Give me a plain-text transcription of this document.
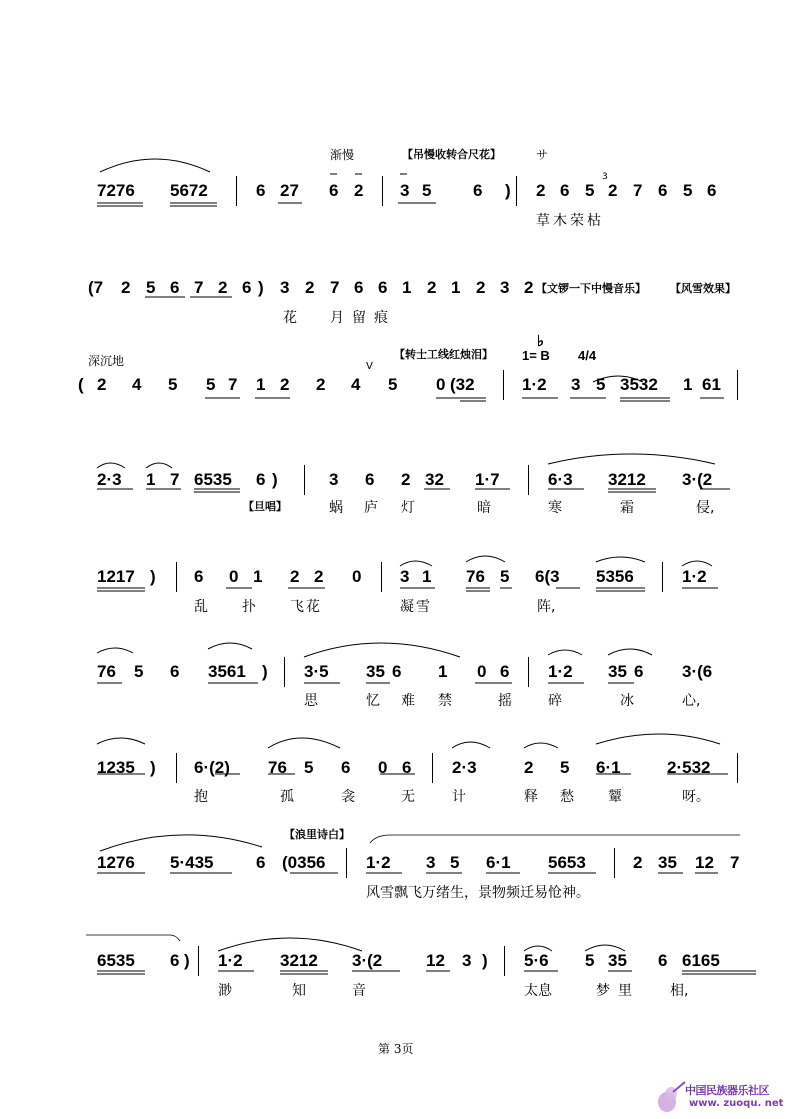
渐慢	【吊慢收转合尺花】	サ
7276 5672	6 27 6 2 3 5 6 ) 2 6 5
3
2 7 6 5 6
草木荣枯
(7 2 5 6 7 2 6 ) 3 2 7 6 6 1 2 1 2 3 2 【文锣一下中慢音乐】 【风雪效果】
花 月留痕
深沉地	【转士工线红烛泪】 1= B
♭
4/4
V
( 2 4 5 5 7 1 2 2 4 5 0 (32	1·2 3 5 3532 1 61
2·3 1 7 6535 6 )	3 6 2 32 1·7	6·3 3212 3·(2
【旦唱】	蜗 庐 灯	暗	寒	霜	侵,
1217 ) 6 0 1 2 2 0 3 1 76 5 6(3 5356	1·2
乱 扑 飞花	凝雪	阵,
76 5 6 3561 ) 3·5 35 6 1 0 6 1·2 35 6 3·(6
思	忆 难 禁	摇	碎	冰	心,
1235 ) 6·(2) 76 5 6 0 6 2·3	2 5 6·1	2·532
抱	孤	衾	无	计	释 愁 颦	呀。
【浪里诗白】
1276 5·435	6 (0356 1·2 3 5 6·1 5653	2 35 12 7
风雪飘飞万绪生，景物频迁易怆神。
6535 6 ) 1·2 3212 3·(2	12 3 ) 5·6 5 35 6 6165
渺	知	音	太息	梦里 相,
第 3页
中国民族器乐社区
www. zuoqu. net
